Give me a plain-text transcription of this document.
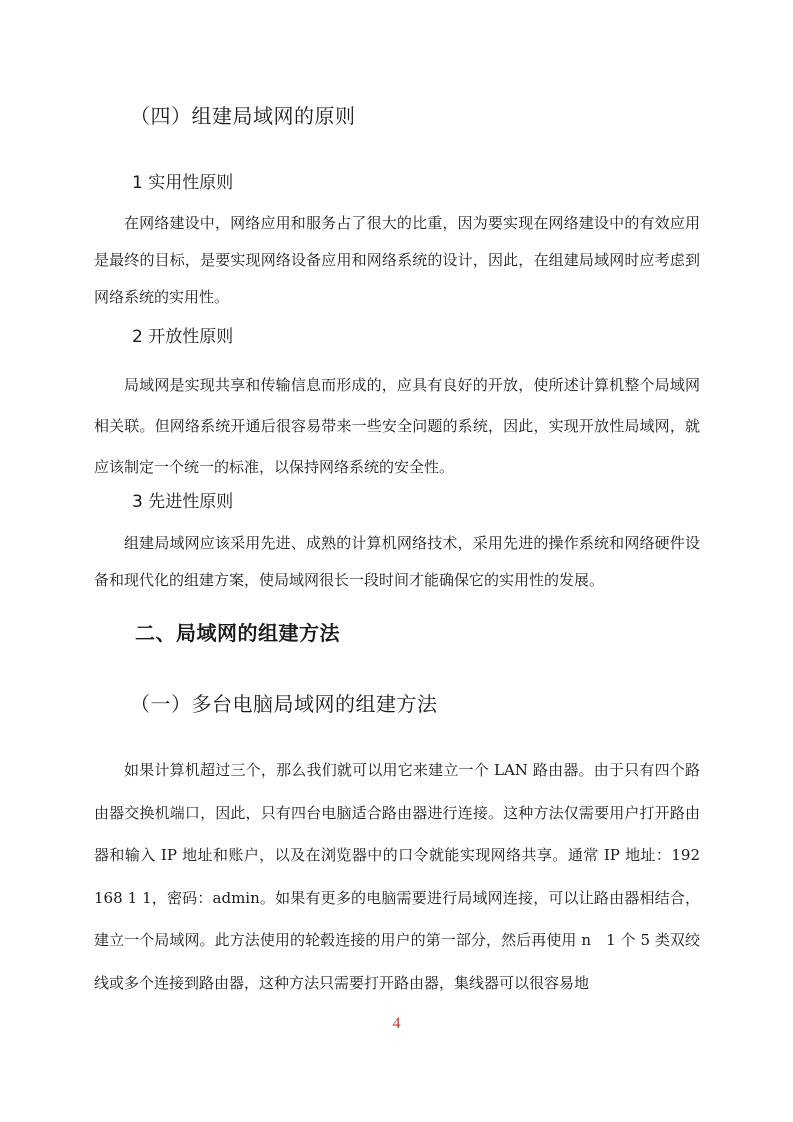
（四）组建局域网的原则
1 实用性原则

在网络建设中，网络应用和服务占了很大的比重，因为要实现在网络建设中的有效应用是最终的目标，是要实现网络设备应用和网络系统的设计，因此，在组建局域网时应考虑到网络系统的实用性。

2 开放性原则

局域网是实现共享和传输信息而形成的，应具有良好的开放，使所述计算机整个局域网相关联。但网络系统开通后很容易带来一些安全问题的系统，因此，实现开放性局域网，就应该制定一个统一的标准，以保持网络系统的安全性。

3 先进性原则

组建局域网应该采用先进、成熟的计算机网络技术，采用先进的操作系统和网络硬件设备和现代化的组建方案，使局域网很长一段时间才能确保它的实用性的发展。

二、局域网的组建方法
（一）多台电脑局域网的组建方法

如果计算机超过三个，那么我们就可以用它来建立一个 LAN 路由器。由于只有四个路由器交换机端口，因此，只有四台电脑适合路由器进行连接。这种方法仅需要用户打开路由器和输入 IP 地址和账户，以及在浏览器中的口令就能实现网络共享。通常 IP 地址：192 168 1 1，密码：admin。如果有更多的电脑需要进行局域网连接，可以让路由器相结合，建立一个局域网。此方法使用的轮毂连接的用户的第一部分，然后再使用 n　1 个 5 类双绞线或多个连接到路由器，这种方法只需要打开路由器，集线器可以很容易地

4
